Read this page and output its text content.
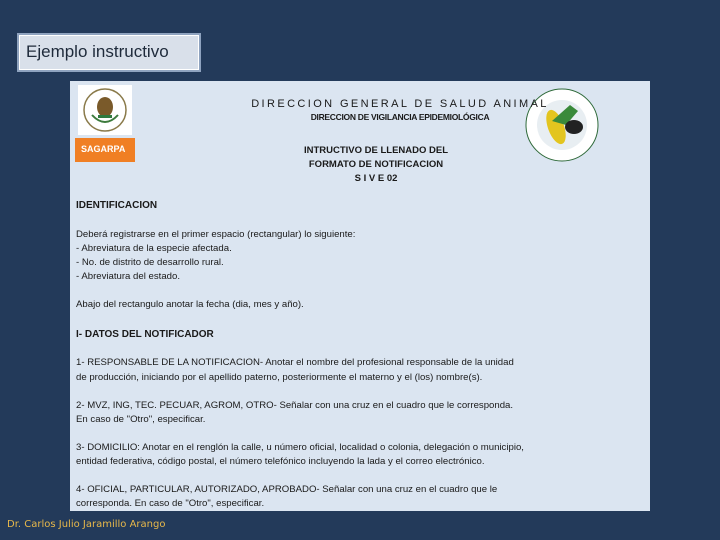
Ejemplo instructivo
SAGARPA
DIRECCION GENERAL DE SALUD ANIMAL
DIRECCION DE VIGILANCIA EPIDEMIOLÓGICA
INTRUCTIVO DE LLENADO DEL
FORMATO DE NOTIFICACION
S I V E 02
IDENTIFICACION
Deberá registrarse en el primer espacio (rectangular) lo siguiente:
- Abreviatura de la especie afectada.
- No. de distrito de desarrollo rural.
- Abreviatura del estado.
Abajo del rectangulo anotar la fecha (dia, mes y año).
I- DATOS DEL NOTIFICADOR
1- RESPONSABLE DE LA NOTIFICACION- Anotar el nombre del profesional responsable de la unidad
de producción, iniciando por el apellido paterno, posteriormente el materno y el (los) nombre(s).
2- MVZ, ING, TEC. PECUAR, AGROM, OTRO- Señalar con una cruz en el cuadro que le corresponda.
En caso de "Otro", especificar.
3- DOMICILIO: Anotar en el renglón la calle, u número oficial, localidad o colonia, delegación o municipio,
entidad federativa, código postal, el número telefónico incluyendo la lada y el correo electrónico.
4- OFICIAL, PARTICULAR, AUTORIZADO, APROBADO- Señalar con una cruz en el cuadro que le
corresponda. En caso de "Otro", especificar.
Dr. Carlos Julio Jaramillo Arango
